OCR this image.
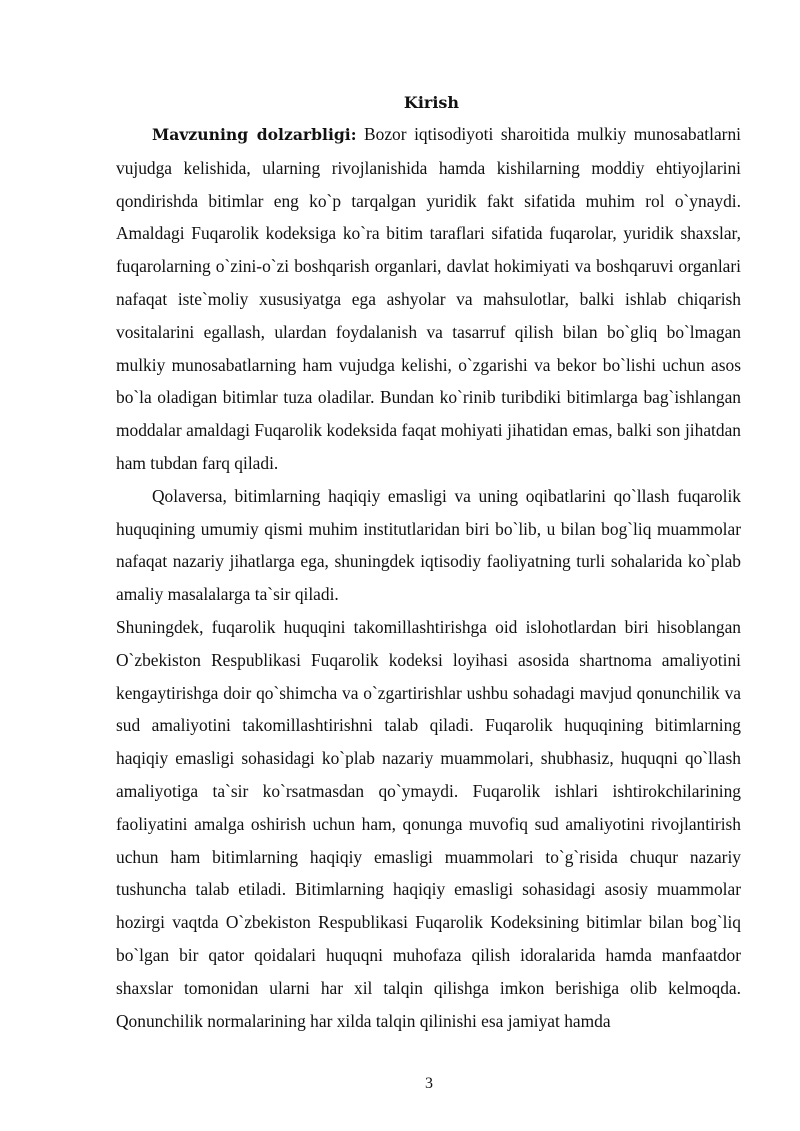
Kirish

Mavzuning dolzarbligi: Bozor iqtisodiyoti sharoitida mulkiy munosabatlarni vujudga kelishida, ularning rivojlanishida hamda kishilarning moddiy ehtiyojlarini qondirishda bitimlar eng ko`p tarqalgan yuridik fakt sifatida muhim rol o`ynaydi. Amaldagi Fuqarolik kodeksiga ko`ra bitim taraflari sifatida fuqarolar, yuridik shaxslar, fuqarolarning o`zini-o`zi boshqarish organlari, davlat hokimiyati va boshqaruvi organlari nafaqat iste`moliy xususiyatga ega ashyolar va mahsulotlar, balki ishlab chiqarish vositalarini egallash, ulardan foydalanish va tasarruf qilish bilan bo`gliq bo`lmagan mulkiy munosabatlarning ham vujudga kelishi, o`zgarishi va bekor bo`lishi uchun asos bo`la oladigan bitimlar tuza oladilar. Bundan ko`rinib turibdiki bitimlarga bag`ishlangan moddalar amaldagi Fuqarolik kodeksida faqat mohiyati jihatidan emas, balki son jihatdan ham tubdan farq qiladi.

Qolaversa, bitimlarning haqiqiy emasligi va uning oqibatlarini qo`llash fuqarolik huquqining umumiy qismi muhim institutlaridan biri bo`lib, u bilan bog`liq muammolar nafaqat nazariy jihatlarga ega, shuningdek iqtisodiy faoliyatning turli sohalarida ko`plab amaliy masalalarga ta`sir qiladi.

Shuningdek, fuqarolik huquqini takomillashtirishga oid islohotlardan biri hisoblangan O`zbekiston Respublikasi Fuqarolik kodeksi loyihasi asosida shartnoma amaliyotini kengaytirishga doir qo`shimcha va o`zgartirishlar ushbu sohadagi mavjud qonunchilik va sud amaliyotini takomillashtirishni talab qiladi. Fuqarolik huquqining bitimlarning haqiqiy emasligi sohasidagi ko`plab nazariy muammolari, shubhasiz, huquqni qo`llash amaliyotiga ta`sir ko`rsatmasdan qo`ymaydi. Fuqarolik ishlari ishtirokchilarining faoliyatini amalga oshirish uchun ham, qonunga muvofiq sud amaliyotini rivojlantirish uchun ham bitimlarning haqiqiy emasligi muammolari to`g`risida chuqur nazariy tushuncha talab etiladi. Bitimlarning haqiqiy emasligi sohasidagi asosiy muammolar hozirgi vaqtda O`zbekiston Respublikasi Fuqarolik Kodeksining bitimlar bilan bog`liq bo`lgan bir qator qoidalari huquqni muhofaza qilish idoralarida hamda manfaatdor shaxslar tomonidan ularni har xil talqin qilishga imkon berishiga olib kelmoqda. Qonunchilik normalarining har xilda talqin qilinishi esa jamiyat hamda

3
